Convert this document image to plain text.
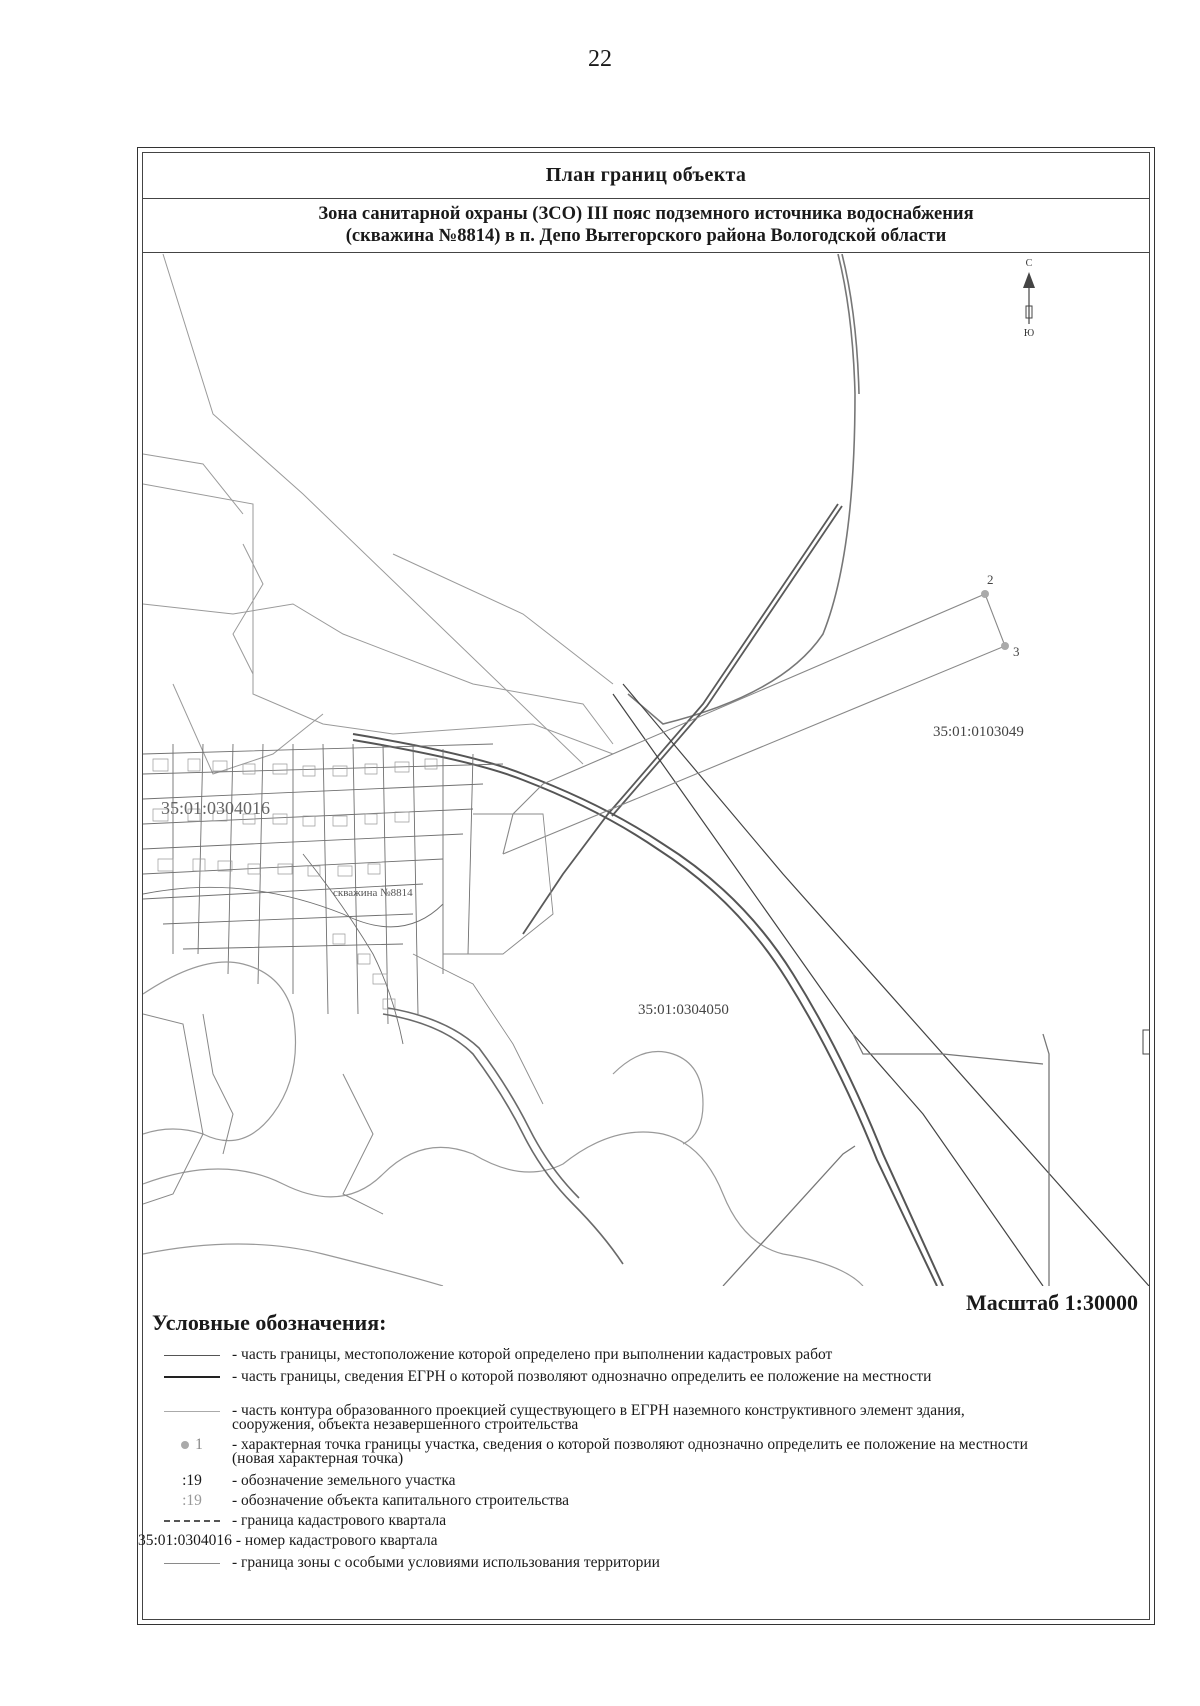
22
План границ объекта
Зона санитарной охраны (ЗСО) III пояс подземного источника водоснабжения
(скважина №8814) в п. Депо Вытегорского района Вологодской области
2
3
С
Ю
35:01:0103049
35:01:0304016
35:01:0304050
скважина №8814
Масштаб 1:30000
Условные обозначения:
- часть границы, местоположение которой определено при выполнении кадастровых работ
- часть границы, сведения ЕГРН о которой позволяют однозначно определить ее положение на местности
- часть контура образованного проекцией существующего в ЕГРН наземного конструктивного элемент здания, сооружения, объекта незавершенного строительства
1 - характерная точка границы участка, сведения о которой позволяют однозначно определить ее положение на местности (новая характерная точка)
:19 - обозначение земельного участка
:19 - обозначение объекта капитального строительства
- граница кадастрового квартала
35:01:0304016 - номер кадастрового квартала
- граница зоны с особыми условиями использования территории
